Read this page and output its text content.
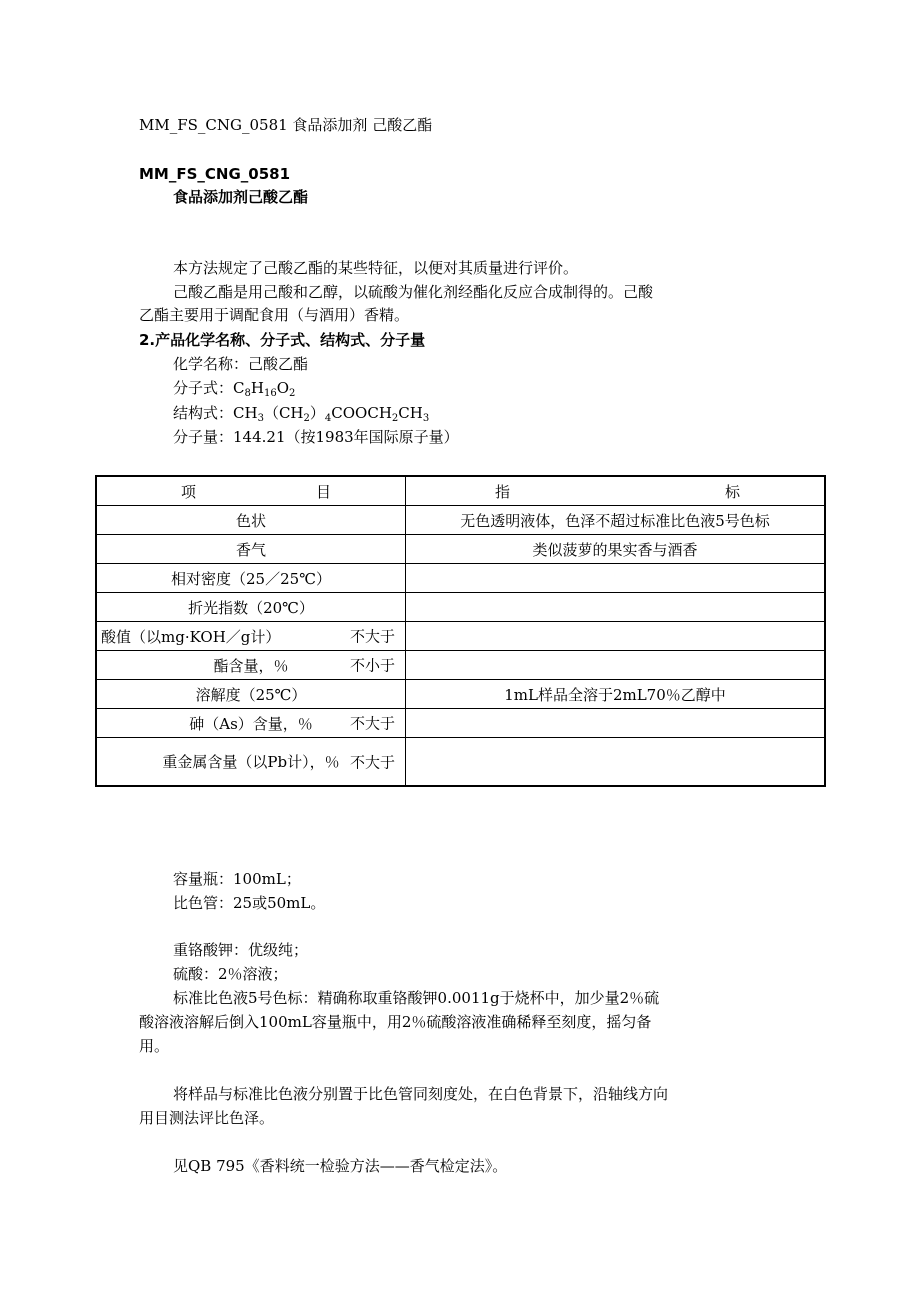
MM_FS_CNG_0581 食品添加剂 己酸乙酯
MM_FS_CNG_0581
食品添加剂己酸乙酯
本方法规定了己酸乙酯的某些特征，以便对其质量进行评价。
己酸乙酯是用己酸和乙醇，以硫酸为催化剂经酯化反应合成制得的。己酸
乙酯主要用于调配食用（与酒用）香精。
2.产品化学名称、分子式、结构式、分子量
化学名称：己酸乙酯
分子式：$C_8H_{16}O_2$
结构式：$CH_3(CH_2)_4COOCH_2CH_3$
分子量：144.21（按1983年国际原子量）
项 目	指 标

色状	无色透明液体，色泽不超过标准比色液5号色标
香气	类似菠萝的果实香与酒香
相对密度（25／25℃）

折光指数（20℃）

酸值（以mg·KOH／g计） 不大于	

酯含量，％ 不小于	

溶解度（25℃）	1mL样品全溶于2mL70％乙醇中
砷（As）含量，％ 不大于	

重金属含量（以Pb计），％ 不大于	

容量瓶：100mL；
比色管：25或50mL。
重铬酸钾：优级纯；
硫酸：2％溶液；
标准比色液5号色标：精确称取重铬酸钾0.0011g于烧杯中，加少量2％硫
酸溶液溶解后倒入100mL容量瓶中，用2％硫酸溶液准确稀释至刻度，摇匀备
用。
将样品与标准比色液分别置于比色管同刻度处，在白色背景下，沿轴线方向
用目测法评比色泽。
见QB 795《香料统一检验方法——香气检定法》。
